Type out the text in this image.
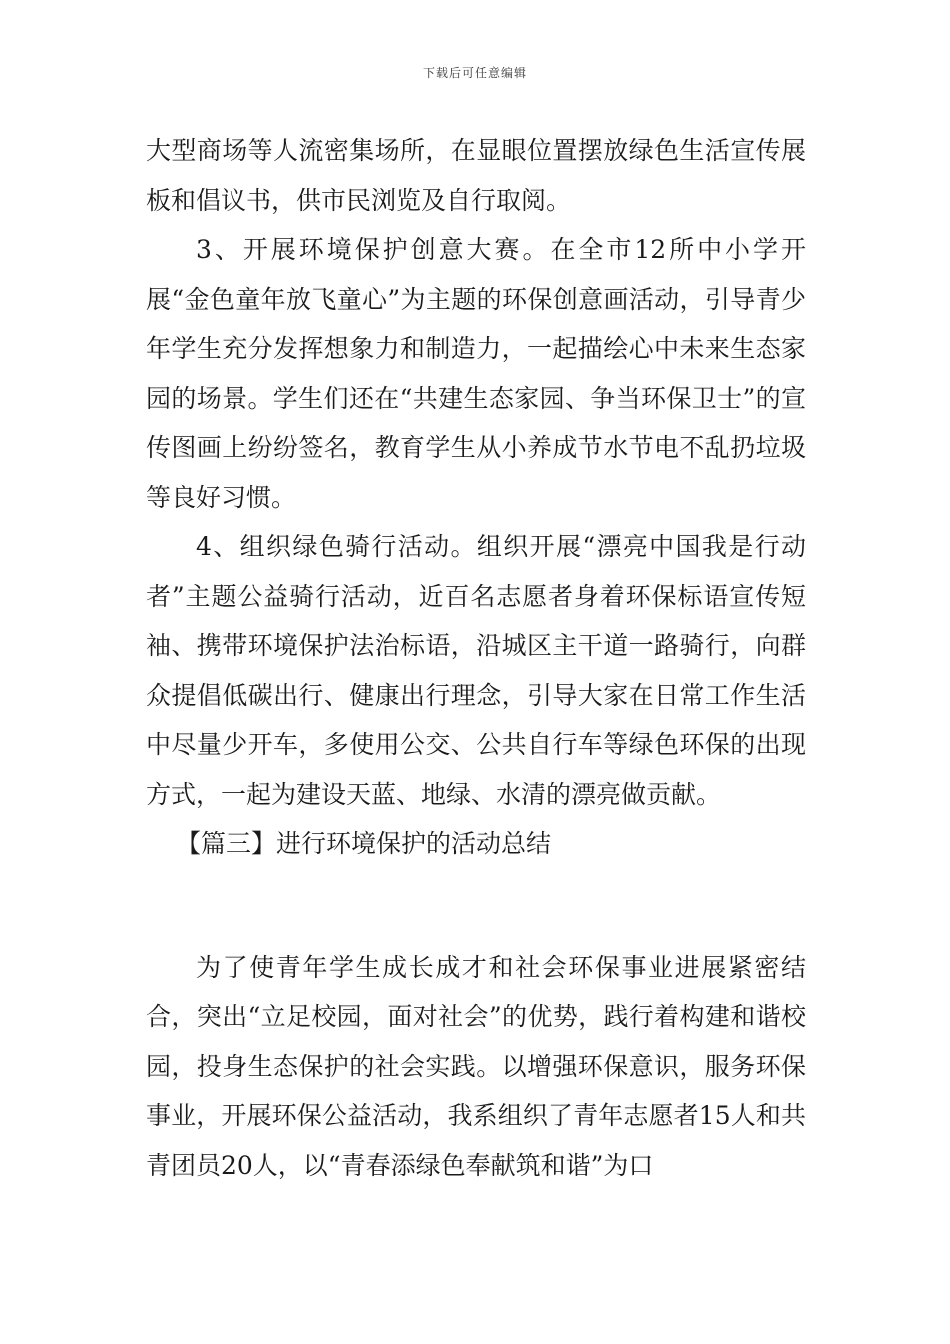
下载后可任意编辑

大型商场等人流密集场所，在显眼位置摆放绿色生活宣传展板和倡议书，供市民浏览及自行取阅。

3、开展环境保护创意大赛。在全市12所中小学开展“金色童年放飞童心”为主题的环保创意画活动，引导青少年学生充分发挥想象力和制造力，一起描绘心中未来生态家园的场景。学生们还在“共建生态家园、争当环保卫士”的宣传图画上纷纷签名，教育学生从小养成节水节电不乱扔垃圾等良好习惯。

4、组织绿色骑行活动。组织开展“漂亮中国我是行动者”主题公益骑行活动，近百名志愿者身着环保标语宣传短袖、携带环境保护法治标语，沿城区主干道一路骑行，向群众提倡低碳出行、健康出行理念，引导大家在日常工作生活中尽量少开车，多使用公交、公共自行车等绿色环保的出现方式，一起为建设天蓝、地绿、水清的漂亮做贡献。

【篇三】进行环境保护的活动总结

为了使青年学生成长成才和社会环保事业进展紧密结合，突出“立足校园，面对社会”的优势，践行着构建和谐校园，投身生态保护的社会实践。以增强环保意识，服务环保事业，开展环保公益活动，我系组织了青年志愿者15人和共青团员20人，以“青春添绿色奉献筑和谐”为口
